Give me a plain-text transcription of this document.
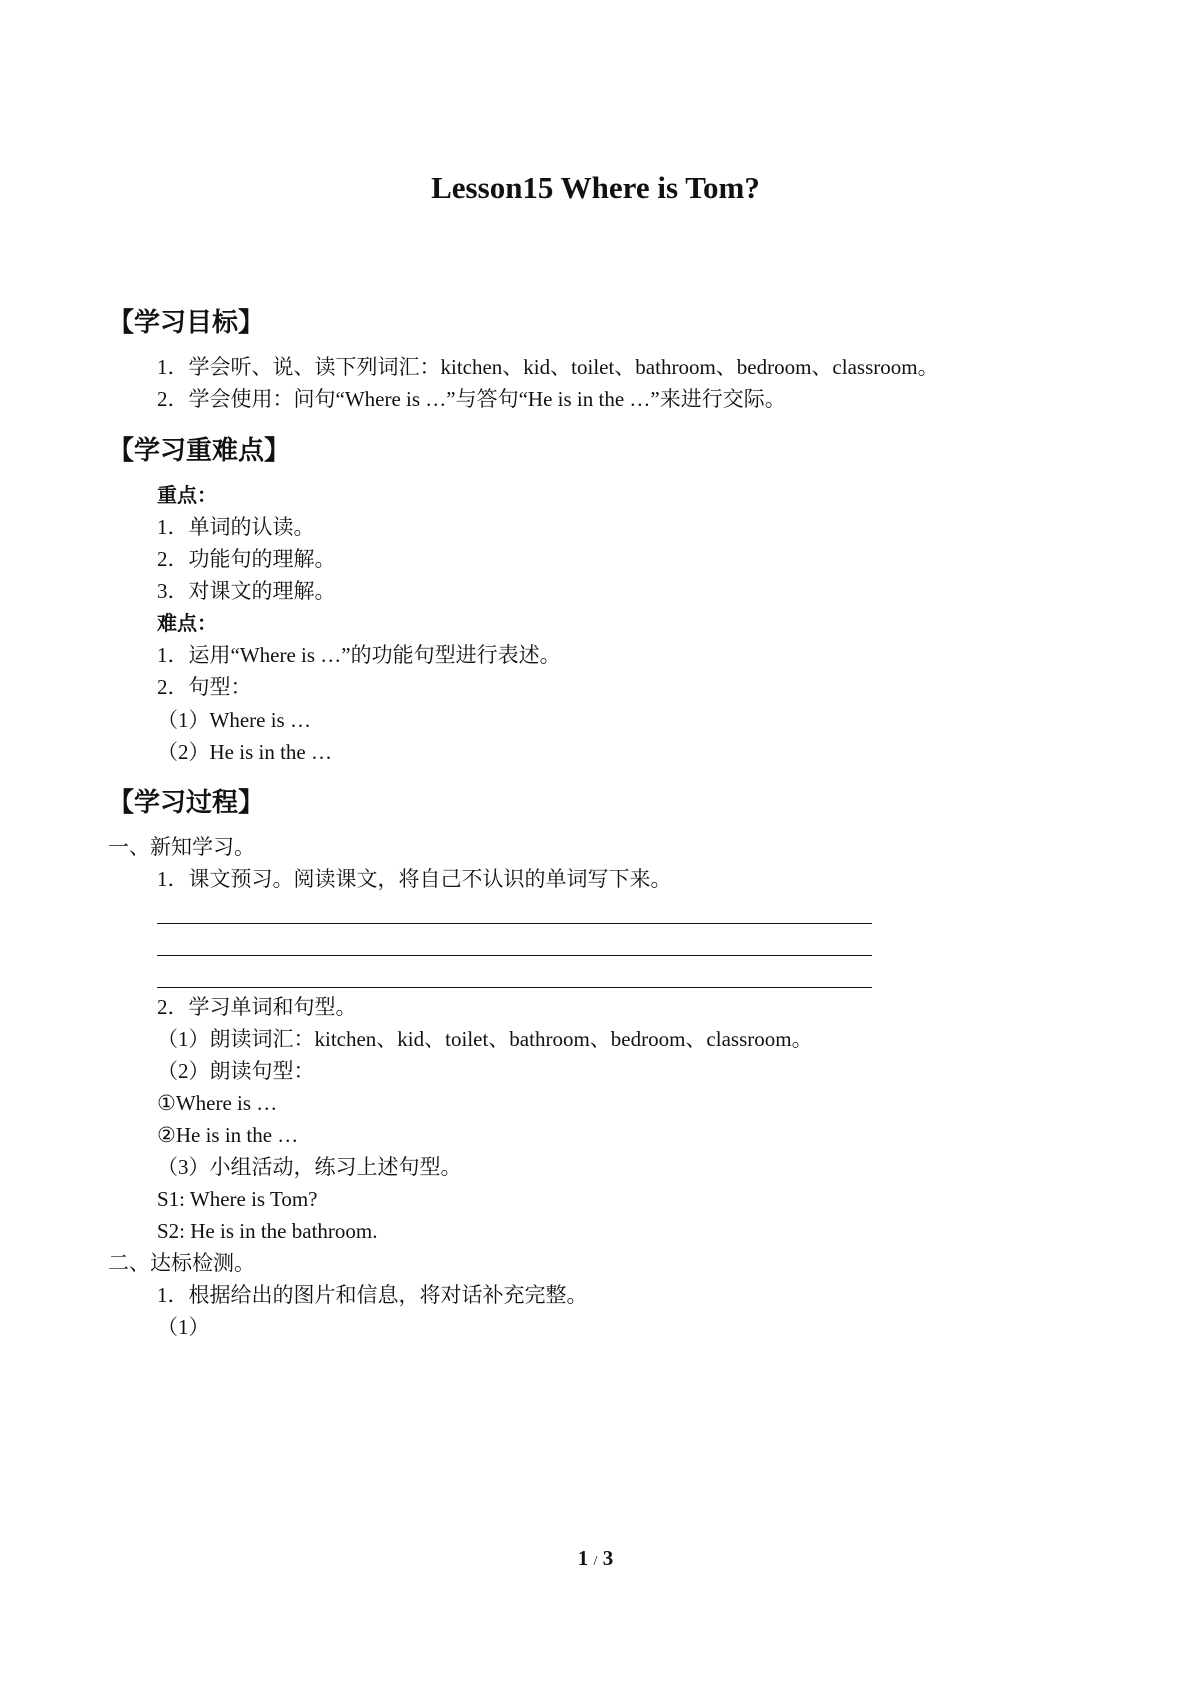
Lesson15 Where is Tom?
【学习目标】
1．学会听、说、读下列词汇：kitchen、kid、toilet、bathroom、bedroom、classroom。
2．学会使用：问句“Where is …”与答句“He is in the …”来进行交际。
【学习重难点】
重点：
1．单词的认读。
2．功能句的理解。
3．对课文的理解。
难点：
1．运用“Where is …”的功能句型进行表述。
2．句型：
（1）Where is …
（2）He is in the …
【学习过程】
一、新知学习。
1．课文预习。阅读课文，将自己不认识的单词写下来。
2．学习单词和句型。
（1）朗读词汇：kitchen、kid、toilet、bathroom、bedroom、classroom。
（2）朗读句型：
①Where is …
②He is in the …
（3）小组活动，练习上述句型。
S1: Where is Tom?
S2: He is in the bathroom.
二、达标检测。
1．根据给出的图片和信息，将对话补充完整。
（1）
1 / 3
